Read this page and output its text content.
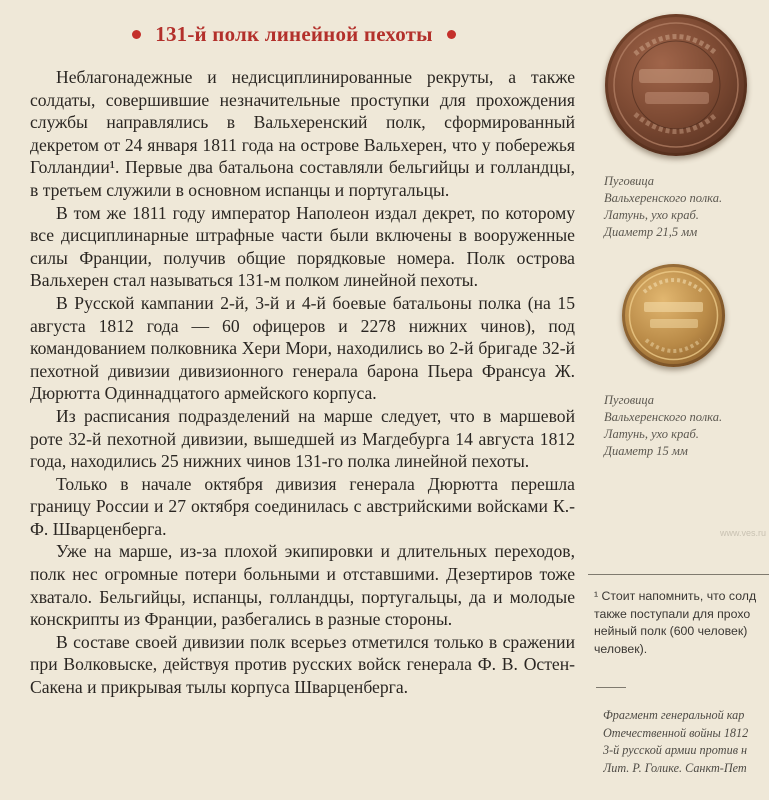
131-й полк линейной пехоты

Неблагонадежные и недисциплинированные рекруты, а также солдаты, совершившие незначительные проступки для прохождения службы направлялись в Вальхеренский полк, сформированный декретом от 24 января 1811 года на острове Вальхерен, что у побережья Голландии¹. Первые два батальона составляли бельгийцы и голландцы, в третьем служили в основном испанцы и португальцы.

В том же 1811 году император Наполеон издал декрет, по которому все дисциплинарные штрафные части были включены в вооруженные силы Франции, получив общие порядковые номера. Полк острова Вальхерен стал называться 131-м полком линейной пехоты.

В Русской кампании 2-й, 3-й и 4-й боевые батальоны полка (на 15 августа 1812 года — 60 офицеров и 2278 нижних чинов), под командованием полковника Хери Мори, находились во 2-й бригаде 32-й пехотной дивизии дивизионного генерала барона Пьера Франсуа Ж. Дюрютта Одиннадцатого армейского корпуса.

Из расписания подразделений на марше следует, что в маршевой роте 32-й пехотной дивизии, вышедшей из Магдебурга 14 августа 1812 года, находились 25 нижних чинов 131-го полка линейной пехоты.

Только в начале октября дивизия генерала Дюрютта перешла границу России и 27 октября соединилась с австрийскими войсками К.-Ф. Шварценберга.

Уже на марше, из-за плохой экипировки и длительных переходов, полк нес огромные потери больными и отставшими. Дезертиров тоже хватало. Бельгийцы, испанцы, голландцы, португальцы, да и молодые конскрипты из Франции, разбегались в разные стороны.

В составе своей дивизии полк всерьез отметился только в сражении при Волковыске, действуя против русских войск генерала Ф. В. Остен-Сакена и прикрывая тылы корпуса Шварценберга.

Пуговица
Вальхеренского полка.
Латунь, ухо краб.
Диаметр 21,5 мм
Пуговица
Вальхеренского полка.
Латунь, ухо краб.
Диаметр 15 мм
www.ves.ru
¹ Стоит напомнить, что солд
также поступали для прохо
нейный полк (600 человек)
человек).
Фрагмент генеральной кар
Отечественной войны 1812
3-й русской армии против н
Лит. Р. Голике. Санкт-Пет
